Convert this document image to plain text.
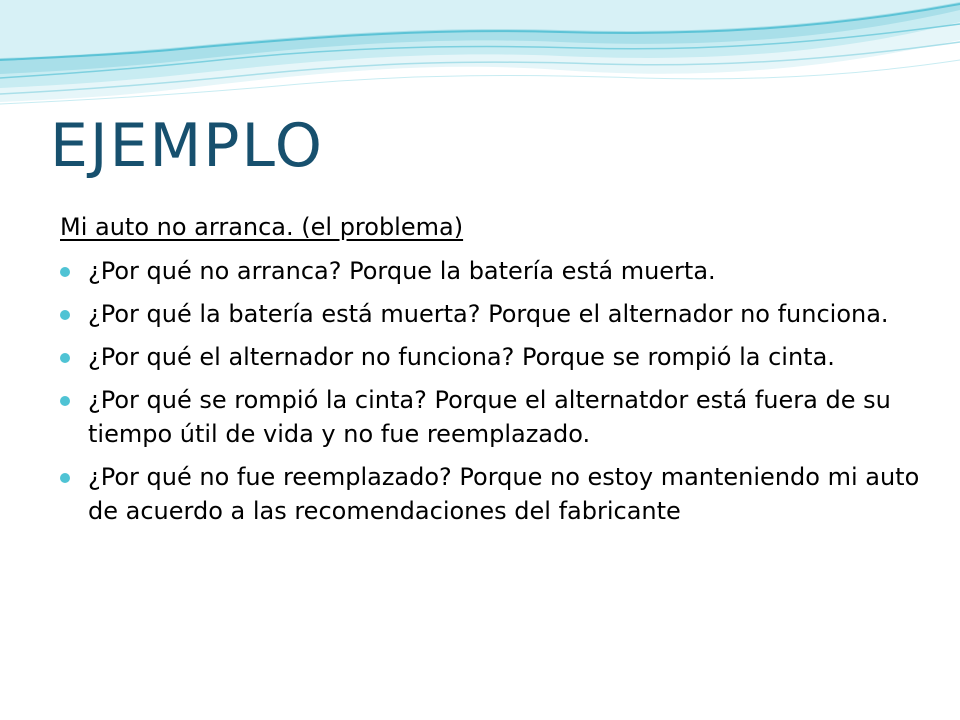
EJEMPLO

Mi auto no arranca. (el problema)

¿Por qué no arranca? Porque la batería está muerta.
¿Por qué la batería está muerta? Porque el alternador no funciona.
¿Por qué el alternador no funciona? Porque se rompió la cinta.
¿Por qué se rompió la cinta? Porque el alternatdor está fuera de su tiempo útil de vida y no fue reemplazado.
¿Por qué no fue reemplazado? Porque no estoy manteniendo mi auto de acuerdo a las recomendaciones del fabricante
